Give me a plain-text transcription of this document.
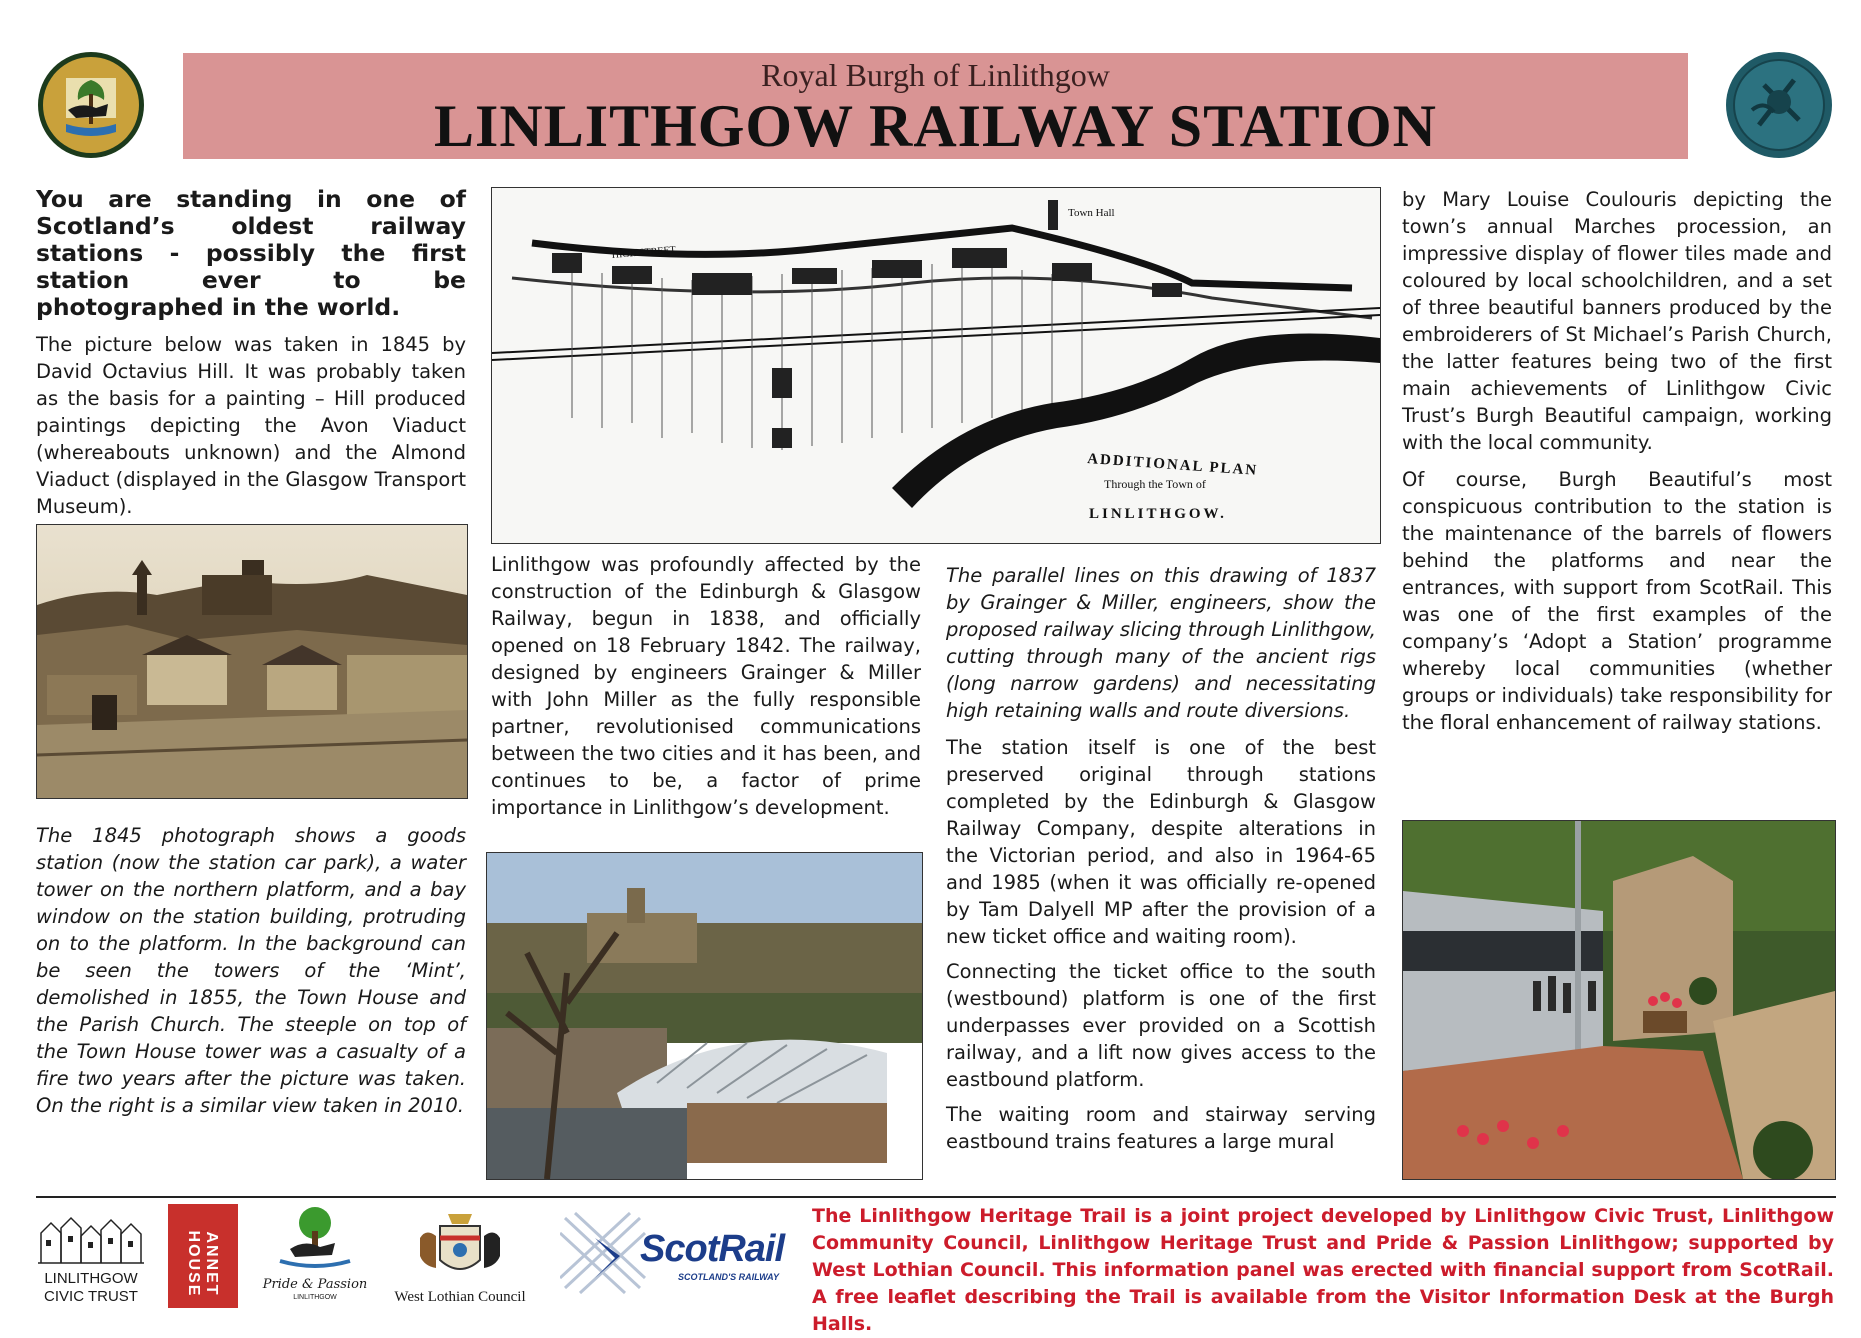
Royal Burgh of Linlithgow
LINLITHGOW RAILWAY STATION

You are standing in one of Scotland’s oldest railway stations - possibly the first station ever to be photographed in the world.

The picture below was taken in 1845 by David Octavius Hill. It was probably taken as the basis for a painting – Hill produced paintings depicting the Avon Viaduct (whereabouts unknown) and the Almond Viaduct (displayed in the Glasgow Transport Museum).

The 1845 photograph shows a goods station (now the station car park), a water tower on the northern platform, and a bay window on the station building, protruding on to the platform. In the background can be seen the towers of the ‘Mint’, demolished in 1855, the Town House and the Parish Church. The steeple on top of the Town House tower was a casualty of a fire two years after the picture was taken. On the right is a similar view taken in 2010.
Town Hall
HIGH STREET
ADDITIONAL PLAN
Through the Town of
LINLITHGOW.
Linlithgow was profoundly affected by the construction of the Edinburgh & Glasgow Railway, begun in 1838, and officially opened on 18 February 1842. The railway, designed by engineers Grainger & Miller with John Miller as the fully responsible partner, revolutionised communications between the two cities and it has been, and continues to be, a factor of prime importance in Linlithgow’s development.

The parallel lines on this drawing of 1837 by Grainger & Miller, engineers, show the proposed railway slicing through Linlithgow, cutting through many of the ancient rigs (long narrow gardens) and necessitating high retaining walls and route diversions.

The station itself is one of the best preserved original through stations completed by the Edinburgh & Glasgow Railway Company, despite alterations in the Victorian period, and also in 1964-65 and 1985 (when it was officially re-opened by Tam Dalyell MP after the provision of a new ticket office and waiting room).

Connecting the ticket office to the south (westbound) platform is one of the first underpasses ever provided on a Scottish railway, and a lift now gives access to the eastbound platform.

The waiting room and stairway serving eastbound trains features a large mural

by Mary Louise Coulouris depicting the town’s annual Marches procession, an impressive display of flower tiles made and coloured by local schoolchildren, and a set of three beautiful banners produced by the embroiderers of St Michael’s Parish Church, the latter features being two of the first main achievements of Linlithgow Civic Trust’s Burgh Beautiful campaign, working with the local community.

Of course, Burgh Beautiful’s most conspicuous contribution to the station is the maintenance of the barrels of flowers behind the platforms and near the entrances, with support from ScotRail. This was one of the first examples of the company’s ‘Adopt a Station’ programme whereby local communities (whether groups or individuals) take responsibility for the floral enhancement of railway stations.

LINLITHGOW
CIVIC TRUST	ANNET HOUSE	Pride & Passion
LINLITHGOW	West Lothian Council
ScotRail
SCOTLAND'S RAILWAY
The Linlithgow Heritage Trail is a joint project developed by Linlithgow Civic Trust, Linlithgow Community Council, Linlithgow Heritage Trust and Pride & Passion Linlithgow; supported by West Lothian Council. This information panel was erected with financial support from ScotRail. A free leaflet describing the Trail is available from the Visitor Information Desk at the Burgh Halls.
